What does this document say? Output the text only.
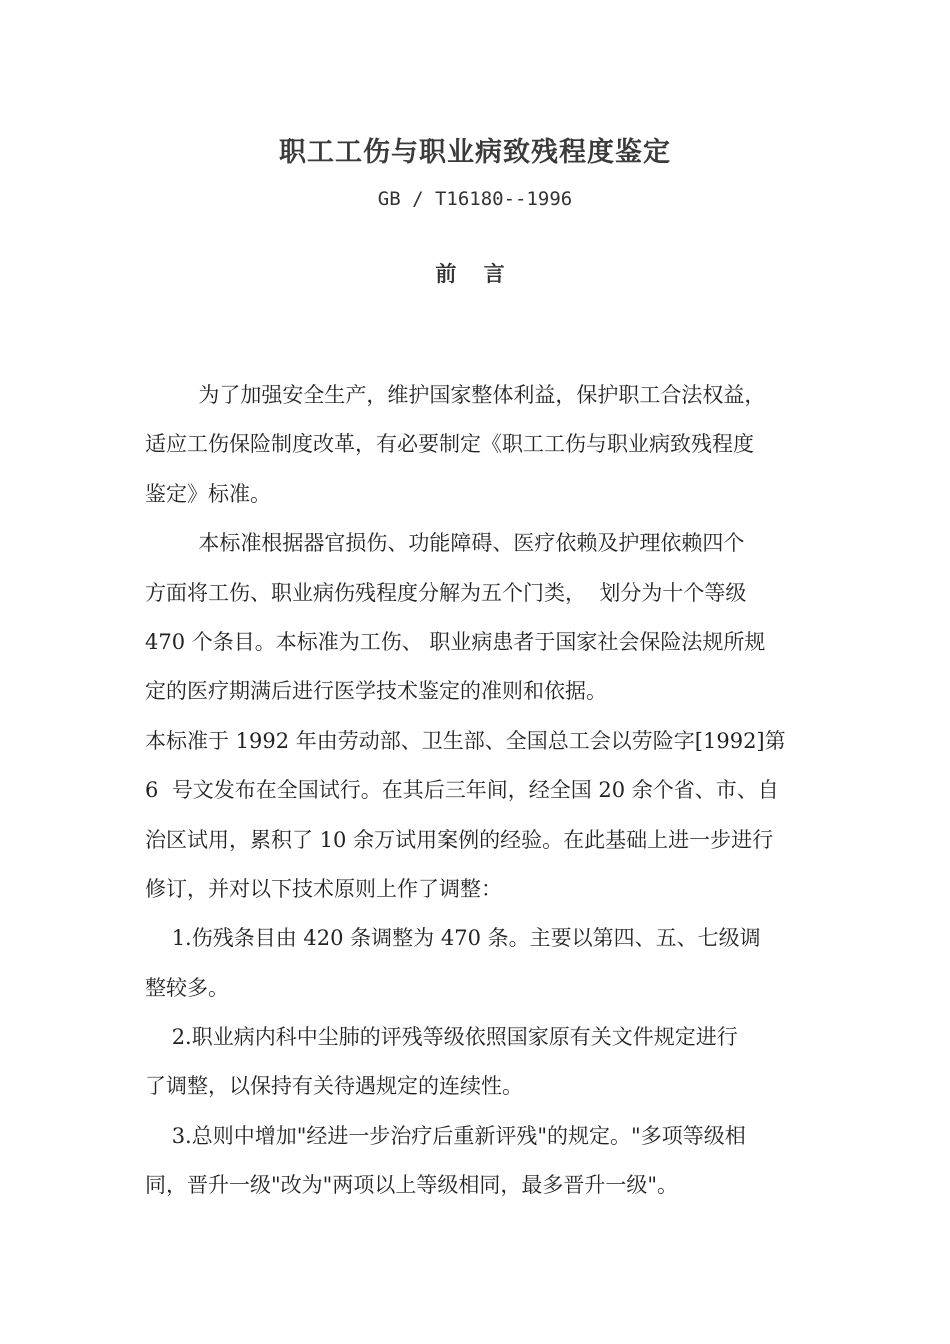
职工工伤与职业病致残程度鉴定
GB / T16180--1996
前 言
为了加强安全生产，维护国家整体利益，保护职工合法权益，
适应工伤保险制度改革，有必要制定《职工工伤与职业病致残程度
鉴定》标准。
本标准根据器官损伤、功能障碍、医疗依赖及护理依赖四个
方面将工伤、职业病伤残程度分解为五个门类，  划分为十个等级
470 个条目。本标准为工伤、 职业病患者于国家社会保险法规所规
定的医疗期满后进行医学技术鉴定的准则和依据。
本标准于 1992 年由劳动部、卫生部、全国总工会以劳险字[1992]第
6  号文发布在全国试行。在其后三年间，经全国 20 余个省、市、自
治区试用，累积了 10 余万试用案例的经验。在此基础上进一步进行
修订，并对以下技术原则上作了调整：
1.伤残条目由 420 条调整为 470 条。主要以第四、五、七级调
整较多。
2.职业病内科中尘肺的评残等级依照国家原有关文件规定进行
了调整，以保持有关待遇规定的连续性。
3.总则中增加"经进一步治疗后重新评残"的规定。"多项等级相
同，晋升一级"改为"两项以上等级相同，最多晋升一级"。
